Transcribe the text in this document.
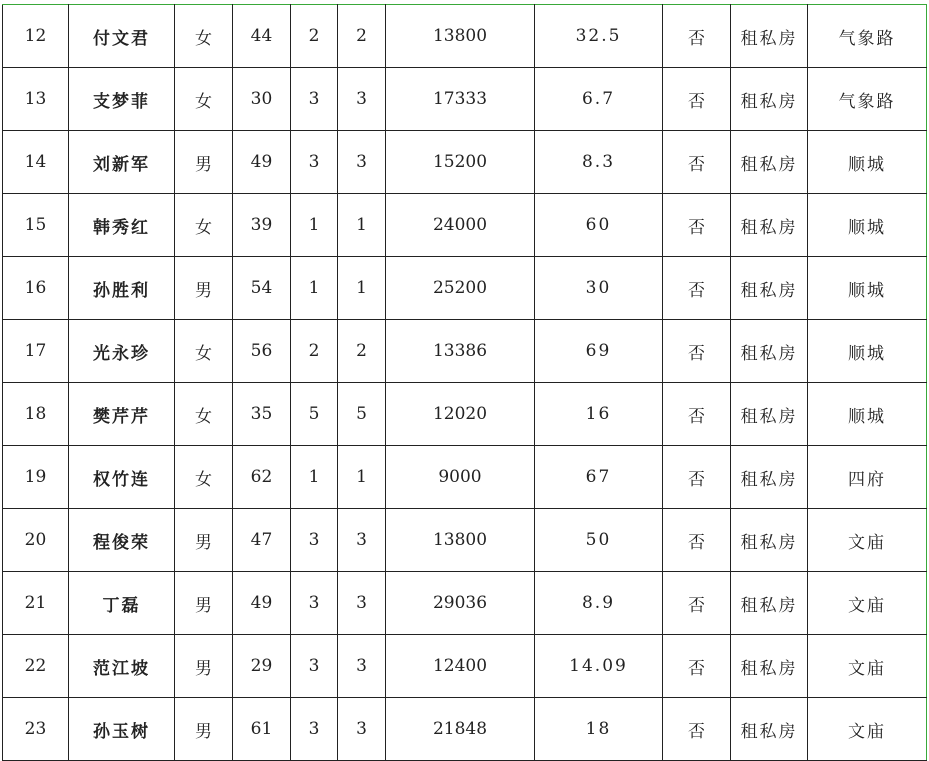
12	付文君	女	44	2	2	13800	32.5	否	租私房	气象路
13	支梦菲	女	30	3	3	17333	6.7	否	租私房	气象路
14	刘新军	男	49	3	3	15200	8.3	否	租私房	顺城
15	韩秀红	女	39	1	1	24000	60	否	租私房	顺城
16	孙胜利	男	54	1	1	25200	30	否	租私房	顺城
17	光永珍	女	56	2	2	13386	69	否	租私房	顺城
18	樊芹芹	女	35	5	5	12020	16	否	租私房	顺城
19	权竹连	女	62	1	1	9000	67	否	租私房	四府
20	程俊荣	男	47	3	3	13800	50	否	租私房	文庙
21	丁磊	男	49	3	3	29036	8.9	否	租私房	文庙
22	范江坡	男	29	3	3	12400	14.09	否	租私房	文庙
23	孙玉树	男	61	3	3	21848	18	否	租私房	文庙
